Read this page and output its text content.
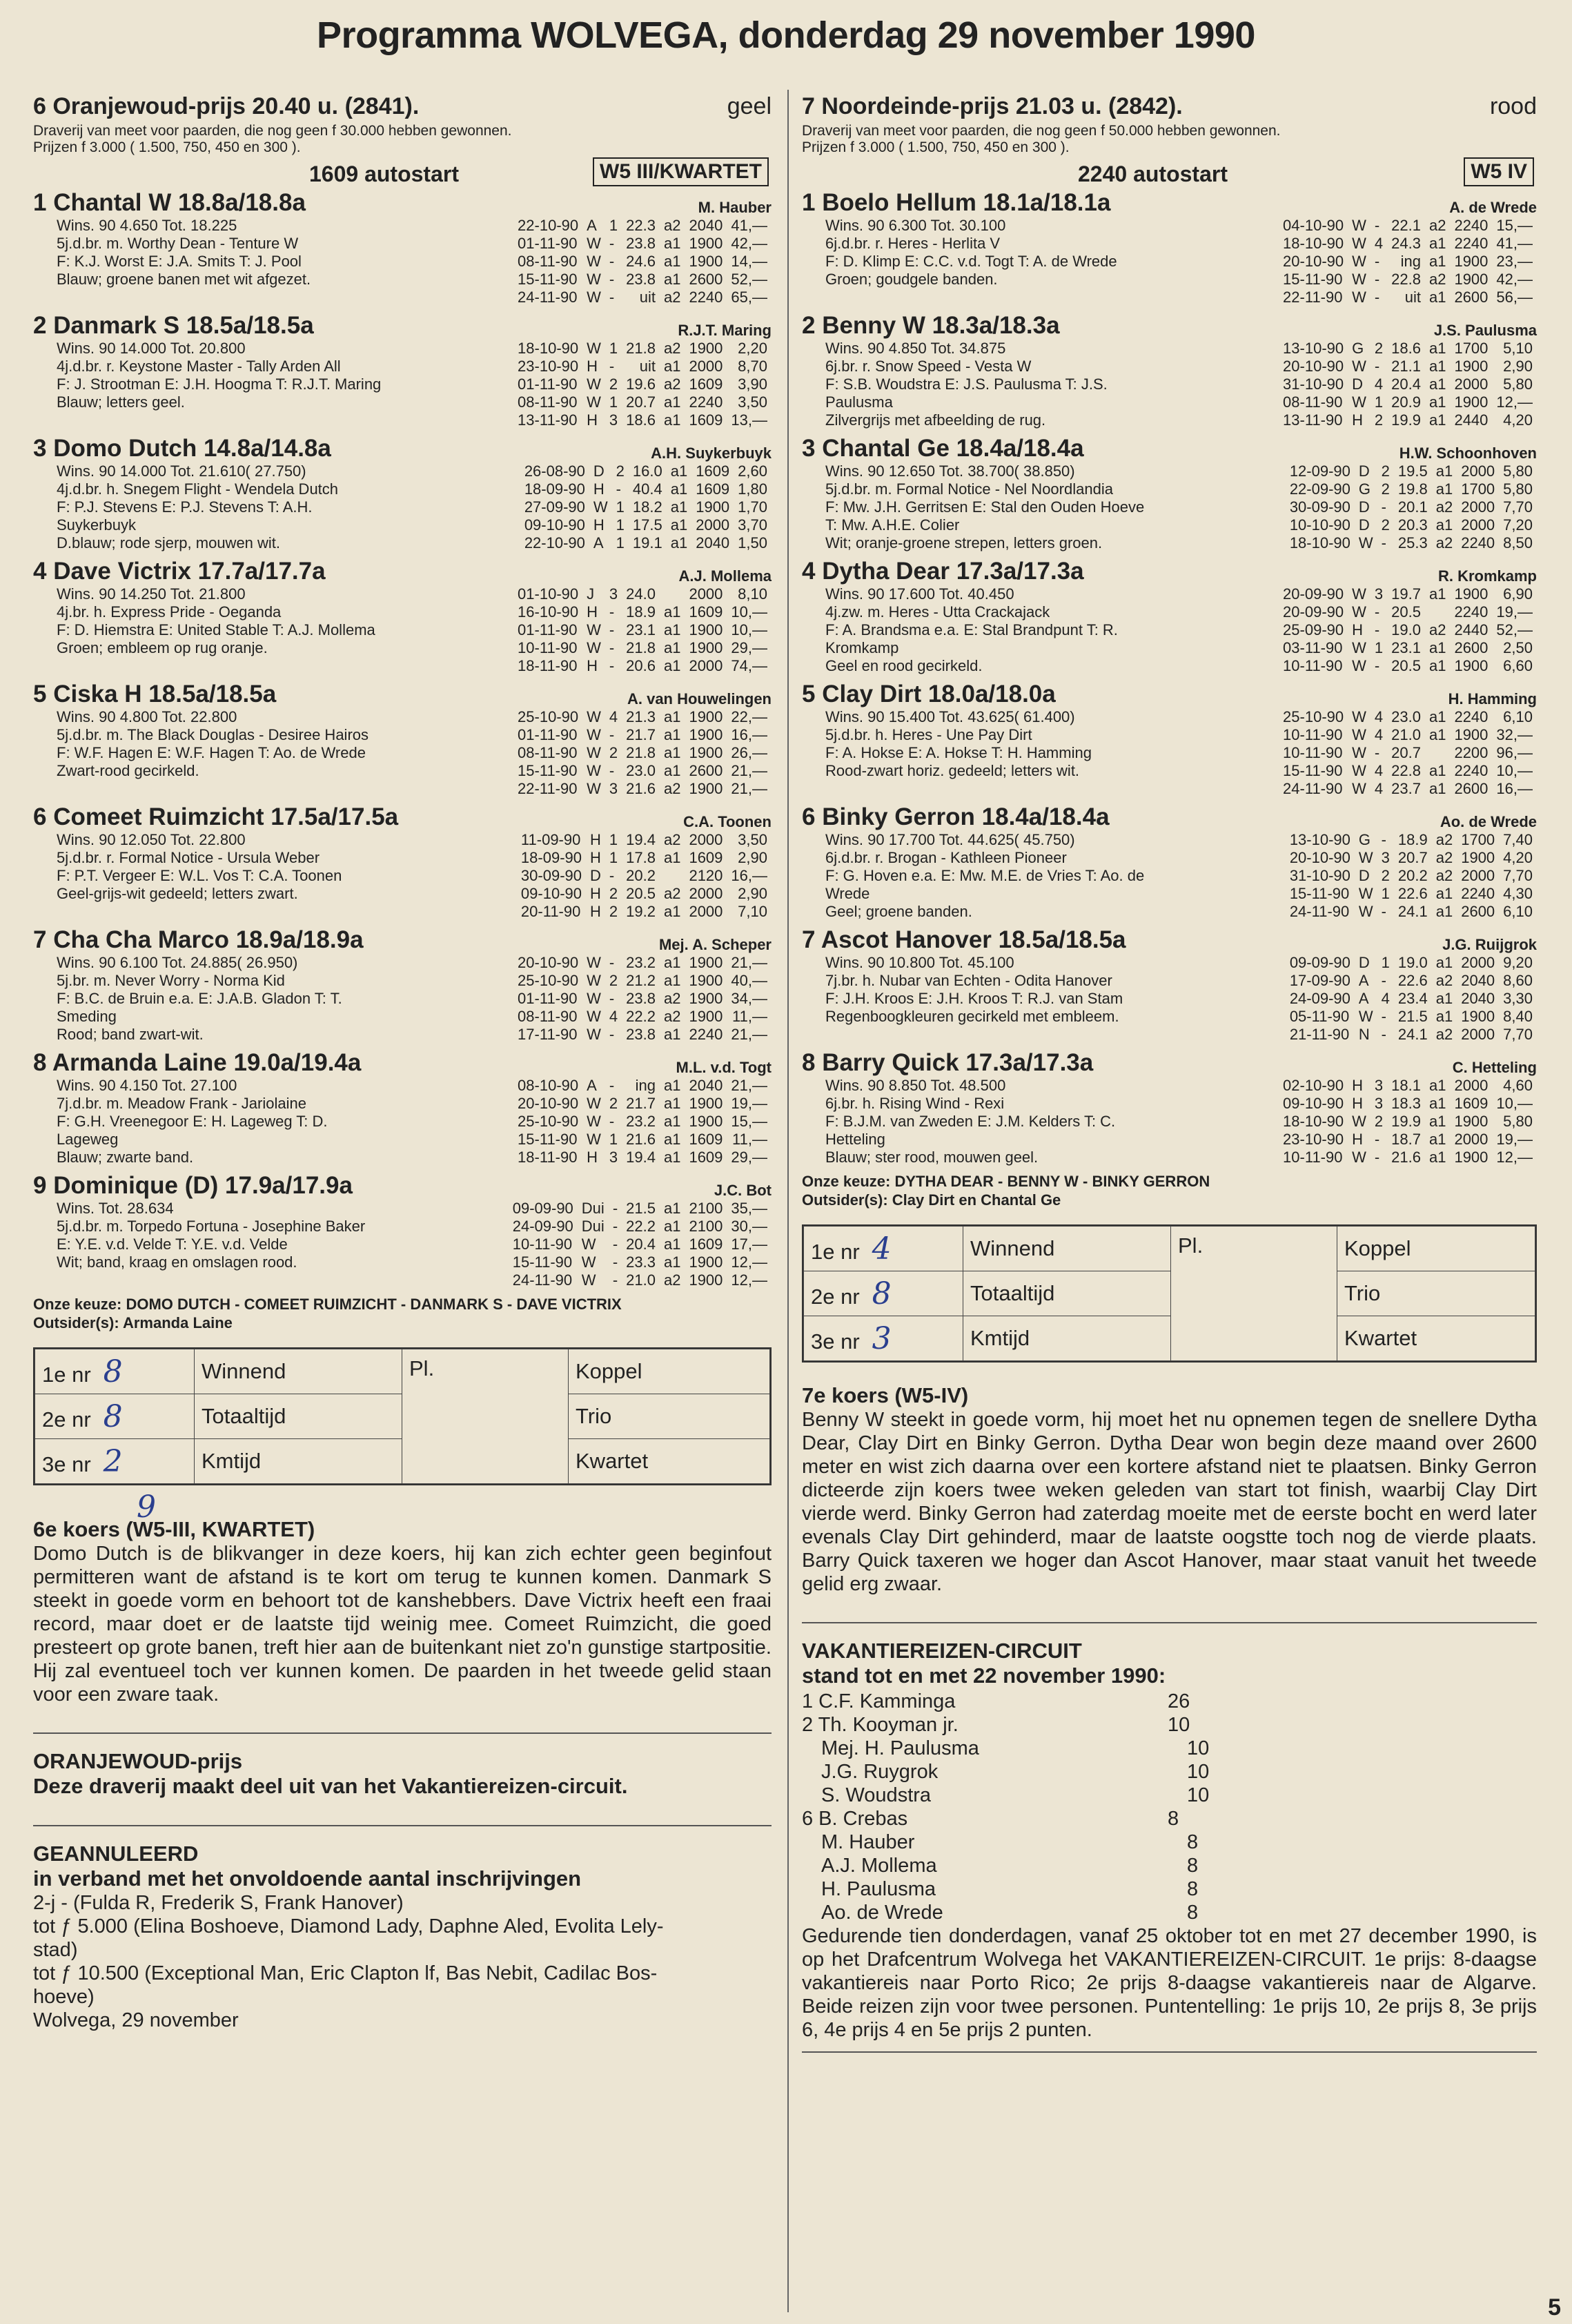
Programma WOLVEGA, donderdag 29 november 1990
6 Oranjewoud-prijs 20.40 u. (2841).	geel
Draverij van meet voor paarden, die nog geen f 30.000 hebben gewonnen.
Prijzen f 3.000 ( 1.500, 750, 450 en 300 ).
1609 autostart	W5 III/KWARTET
1 Chantal W 18.8a/18.8a	M. Hauber
Wins. 90 4.650 Tot. 18.225
5j.d.br. m. Worthy Dean - Tenture W
F: K.J. Worst E: J.A. Smits T: J. Pool
Blauw; groene banen met wit afgezet.
22-10-90	A	1	22.3	a2	2040	41,—
01-11-90	W	-	23.8	a1	1900	42,—
08-11-90	W	-	24.6	a1	1900	14,—
15-11-90	W	-	23.8	a1	2600	52,—
24-11-90	W	-	uit	a2	2240	65,—
2 Danmark S 18.5a/18.5a	R.J.T. Maring
Wins. 90 14.000 Tot. 20.800
4j.d.br. r. Keystone Master - Tally Arden All
F: J. Strootman E: J.H. Hoogma T: R.J.T. Maring
Blauw; letters geel.
18-10-90	W	1	21.8	a2	1900	2,20
23-10-90	H	-	uit	a1	2000	8,70
01-11-90	W	2	19.6	a2	1609	3,90
08-11-90	W	1	20.7	a1	2240	3,50
13-11-90	H	3	18.6	a1	1609	13,—
3 Domo Dutch 14.8a/14.8a	A.H. Suykerbuyk
Wins. 90 14.000 Tot. 21.610( 27.750)
4j.d.br. h. Snegem Flight - Wendela Dutch
F: P.J. Stevens E: P.J. Stevens T: A.H.
Suykerbuyk
D.blauw; rode sjerp, mouwen wit.
26-08-90	D	2	16.0	a1	1609	2,60
18-09-90	H	-	40.4	a1	1609	1,80
27-09-90	W	1	18.2	a1	1900	1,70
09-10-90	H	1	17.5	a1	2000	3,70
22-10-90	A	1	19.1	a1	2040	1,50
4 Dave Victrix 17.7a/17.7a	A.J. Mollema
Wins. 90 14.250 Tot. 21.800
4j.br. h. Express Pride - Oeganda
F: D. Hiemstra E: United Stable T: A.J. Mollema
Groen; embleem op rug oranje.
01-10-90	J	3	24.0		2000	8,10
16-10-90	H	-	18.9	a1	1609	10,—
01-11-90	W	-	23.1	a1	1900	10,—
10-11-90	W	-	21.8	a1	1900	29,—
18-11-90	H	-	20.6	a1	2000	74,—
5 Ciska H 18.5a/18.5a	A. van Houwelingen
Wins. 90 4.800 Tot. 22.800
5j.d.br. m. The Black Douglas - Desiree Hairos
F: W.F. Hagen E: W.F. Hagen T: Ao. de Wrede
Zwart-rood gecirkeld.
25-10-90	W	4	21.3	a1	1900	22,—
01-11-90	W	-	21.7	a1	1900	16,—
08-11-90	W	2	21.8	a1	1900	26,—
15-11-90	W	-	23.0	a1	2600	21,—
22-11-90	W	3	21.6	a2	1900	21,—
6 Comeet Ruimzicht 17.5a/17.5a	C.A. Toonen
Wins. 90 12.050 Tot. 22.800
5j.d.br. r. Formal Notice - Ursula Weber
F: P.T. Vergeer E: W.L. Vos T: C.A. Toonen
Geel-grijs-wit gedeeld; letters zwart.
11-09-90	H	1	19.4	a2	2000	3,50
18-09-90	H	1	17.8	a1	1609	2,90
30-09-90	D	-	20.2		2120	16,—
09-10-90	H	2	20.5	a2	2000	2,90
20-11-90	H	2	19.2	a1	2000	7,10
7 Cha Cha Marco 18.9a/18.9a	Mej. A. Scheper
Wins. 90 6.100 Tot. 24.885( 26.950)
5j.br. m. Never Worry - Norma Kid
F: B.C. de Bruin e.a. E: J.A.B. Gladon T: T.
Smeding
Rood; band zwart-wit.
20-10-90	W	-	23.2	a1	1900	21,—
25-10-90	W	2	21.2	a1	1900	40,—
01-11-90	W	-	23.8	a2	1900	34,—
08-11-90	W	4	22.2	a2	1900	11,—
17-11-90	W	-	23.8	a1	2240	21,—
8 Armanda Laine 19.0a/19.4a	M.L. v.d. Togt
Wins. 90 4.150 Tot. 27.100
7j.d.br. m. Meadow Frank - Jariolaine
F: G.H. Vreenegoor E: H. Lageweg T: D.
Lageweg
Blauw; zwarte band.
08-10-90	A	-	ing	a1	2040	21,—
20-10-90	W	2	21.7	a1	1900	19,—
25-10-90	W	-	23.2	a1	1900	15,—
15-11-90	W	1	21.6	a1	1609	11,—
18-11-90	H	3	19.4	a1	1609	29,—
9 Dominique (D) 17.9a/17.9a	J.C. Bot
Wins. Tot. 28.634
5j.d.br. m. Torpedo Fortuna - Josephine Baker
E: Y.E. v.d. Velde T: Y.E. v.d. Velde
Wit; band, kraag en omslagen rood.
09-09-90	Dui	-	21.5	a1	2100	35,—
24-09-90	Dui	-	22.2	a1	2100	30,—
10-11-90	W	-	20.4	a1	1609	17,—
15-11-90	W	-	23.3	a1	1900	12,—
24-11-90	W	-	21.0	a2	1900	12,—
Onze keuze: DOMO DUTCH - COMEET RUIMZICHT - DANMARK S - DAVE VICTRIX
Outsider(s): Armanda Laine
1e nr 8	Winnend	Pl.	Koppel
2e nr 8	Totaaltijd		Trio
3e nr 2	Kmtijd		Kwartet
9
6e koers (W5-III, KWARTET)
Domo Dutch is de blikvanger in deze koers, hij kan zich echter geen beginfout permitteren want de afstand is te kort om terug te kunnen komen. Danmark S steekt in goede vorm en behoort tot de kanshebbers. Dave Victrix heeft een fraai record, maar doet er de laatste tijd weinig mee. Comeet Ruimzicht, die goed presteert op grote banen, treft hier aan de buitenkant niet zo'n gunstige startpositie. Hij zal eventueel toch ver kunnen komen. De paarden in het tweede gelid staan voor een zware taak.
ORANJEWOUD-prijs
Deze draverij maakt deel uit van het Vakantiereizen-circuit.
GEANNULEERD
in verband met het onvoldoende aantal inschrijvingen
2-j - (Fulda R, Frederik S, Frank Hanover)
tot ƒ 5.000 (Elina Boshoeve, Diamond Lady, Daphne Aled, Evolita Lely-
stad)
tot ƒ 10.500 (Exceptional Man, Eric Clapton lf, Bas Nebit, Cadilac Bos-
hoeve)
Wolvega, 29 november
7 Noordeinde-prijs 21.03 u. (2842).	rood
Draverij van meet voor paarden, die nog geen f 50.000 hebben gewonnen.
Prijzen f 3.000 ( 1.500, 750, 450 en 300 ).
2240 autostart	W5 IV
1 Boelo Hellum 18.1a/18.1a	A. de Wrede
Wins. 90 6.300 Tot. 30.100
6j.d.br. r. Heres - Herlita V
F: D. Klimp E: C.C. v.d. Togt T: A. de Wrede
Groen; goudgele banden.
04-10-90	W	-	22.1	a2	2240	15,—
18-10-90	W	4	24.3	a1	2240	41,—
20-10-90	W	-	ing	a1	1900	23,—
15-11-90	W	-	22.8	a2	1900	42,—
22-11-90	W	-	uit	a1	2600	56,—
2 Benny W 18.3a/18.3a	J.S. Paulusma
Wins. 90 4.850 Tot. 34.875
6j.br. r. Snow Speed - Vesta W
F: S.B. Woudstra E: J.S. Paulusma T: J.S.
Paulusma
Zilvergrijs met afbeelding de rug.
13-10-90	G	2	18.6	a1	1700	5,10
20-10-90	W	-	21.1	a1	1900	2,90
31-10-90	D	4	20.4	a1	2000	5,80
08-11-90	W	1	20.9	a1	1900	12,—
13-11-90	H	2	19.9	a1	2440	4,20
3 Chantal Ge 18.4a/18.4a	H.W. Schoonhoven
Wins. 90 12.650 Tot. 38.700( 38.850)
5j.d.br. m. Formal Notice - Nel Noordlandia
F: Mw. J.H. Gerritsen E: Stal den Ouden Hoeve
T: Mw. A.H.E. Colier
Wit; oranje-groene strepen, letters groen.
12-09-90	D	2	19.5	a1	2000	5,80
22-09-90	G	2	19.8	a1	1700	5,80
30-09-90	D	-	20.1	a2	2000	7,70
10-10-90	D	2	20.3	a1	2000	7,20
18-10-90	W	-	25.3	a2	2240	8,50
4 Dytha Dear 17.3a/17.3a	R. Kromkamp
Wins. 90 17.600 Tot. 40.450
4j.zw. m. Heres - Utta Crackajack
F: A. Brandsma e.a. E: Stal Brandpunt T: R.
Kromkamp
Geel en rood gecirkeld.
20-09-90	W	3	19.7	a1	1900	6,90
20-09-90	W	-	20.5		2240	19,—
25-09-90	H	-	19.0	a2	2440	52,—
03-11-90	W	1	23.1	a1	2600	2,50
10-11-90	W	-	20.5	a1	1900	6,60
5 Clay Dirt 18.0a/18.0a	H. Hamming
Wins. 90 15.400 Tot. 43.625( 61.400)
5j.d.br. h. Heres - Une Pay Dirt
F: A. Hokse E: A. Hokse T: H. Hamming
Rood-zwart horiz. gedeeld; letters wit.
25-10-90	W	4	23.0	a1	2240	6,10
10-11-90	W	4	21.0	a1	1900	32,—
10-11-90	W	-	20.7		2200	96,—
15-11-90	W	4	22.8	a1	2240	10,—
24-11-90	W	4	23.7	a1	2600	16,—
6 Binky Gerron 18.4a/18.4a	Ao. de Wrede
Wins. 90 17.700 Tot. 44.625( 45.750)
6j.d.br. r. Brogan - Kathleen Pioneer
F: G. Hoven e.a. E: Mw. M.E. de Vries T: Ao. de
Wrede
Geel; groene banden.
13-10-90	G	-	18.9	a2	1700	7,40
20-10-90	W	3	20.7	a2	1900	4,20
31-10-90	D	2	20.2	a2	2000	7,70
15-11-90	W	1	22.6	a1	2240	4,30
24-11-90	W	-	24.1	a1	2600	6,10
7 Ascot Hanover 18.5a/18.5a	J.G. Ruijgrok
Wins. 90 10.800 Tot. 45.100
7j.br. h. Nubar van Echten - Odita Hanover
F: J.H. Kroos E: J.H. Kroos T: R.J. van Stam
Regenboogkleuren gecirkeld met embleem.
09-09-90	D	1	19.0	a1	2000	9,20
17-09-90	A	-	22.6	a2	2040	8,60
24-09-90	A	4	23.4	a1	2040	3,30
05-11-90	W	-	21.5	a1	1900	8,40
21-11-90	N	-	24.1	a2	2000	7,70
8 Barry Quick 17.3a/17.3a	C. Hetteling
Wins. 90 8.850 Tot. 48.500
6j.br. h. Rising Wind - Rexi
F: B.J.M. van Zweden E: J.M. Kelders T: C.
Hetteling
Blauw; ster rood, mouwen geel.
02-10-90	H	3	18.1	a1	2000	4,60
09-10-90	H	3	18.3	a1	1609	10,—
18-10-90	W	2	19.9	a1	1900	5,80
23-10-90	H	-	18.7	a1	2000	19,—
10-11-90	W	-	21.6	a1	1900	12,—
Onze keuze: DYTHA DEAR - BENNY W - BINKY GERRON
Outsider(s): Clay Dirt en Chantal Ge
1e nr 4	Winnend	Pl.	Koppel
2e nr 8	Totaaltijd		Trio
3e nr 3	Kmtijd		Kwartet
7e koers (W5-IV)
Benny W steekt in goede vorm, hij moet het nu opnemen tegen de snellere Dytha Dear, Clay Dirt en Binky Gerron. Dytha Dear won begin deze maand over 2600 meter en wist zich daarna over een kortere afstand niet te plaatsen. Binky Gerron dicteerde zijn koers twee weken geleden van start tot finish, waarbij Clay Dirt vierde werd. Binky Gerron had zaterdag moeite met de eerste bocht en werd later evenals Clay Dirt gehinderd, maar de laatste oogstte toch nog de vierde plaats. Barry Quick taxeren we hoger dan Ascot Hanover, maar staat vanuit het tweede gelid erg zwaar.
VAKANTIEREIZEN-CIRCUIT
stand tot en met 22 november 1990:
1 C.F. Kamminga	26
2 Th. Kooyman jr.	10
Mej. H. Paulusma	10
J.G. Ruygrok	10
S. Woudstra	10
6 B. Crebas	8
M. Hauber	8
A.J. Mollema	8
H. Paulusma	8
Ao. de Wrede	8
Gedurende tien donderdagen, vanaf 25 oktober tot en met 27 december 1990, is op het Drafcentrum Wolvega het VAKANTIEREIZEN-CIRCUIT. 1e prijs: 8-daagse vakantiereis naar Porto Rico; 2e prijs 8-daagse vakantiereis naar de Algarve. Beide reizen zijn voor twee personen. Puntentelling: 1e prijs 10, 2e prijs 8, 3e prijs 6, 4e prijs 4 en 5e prijs 2 punten.
5
